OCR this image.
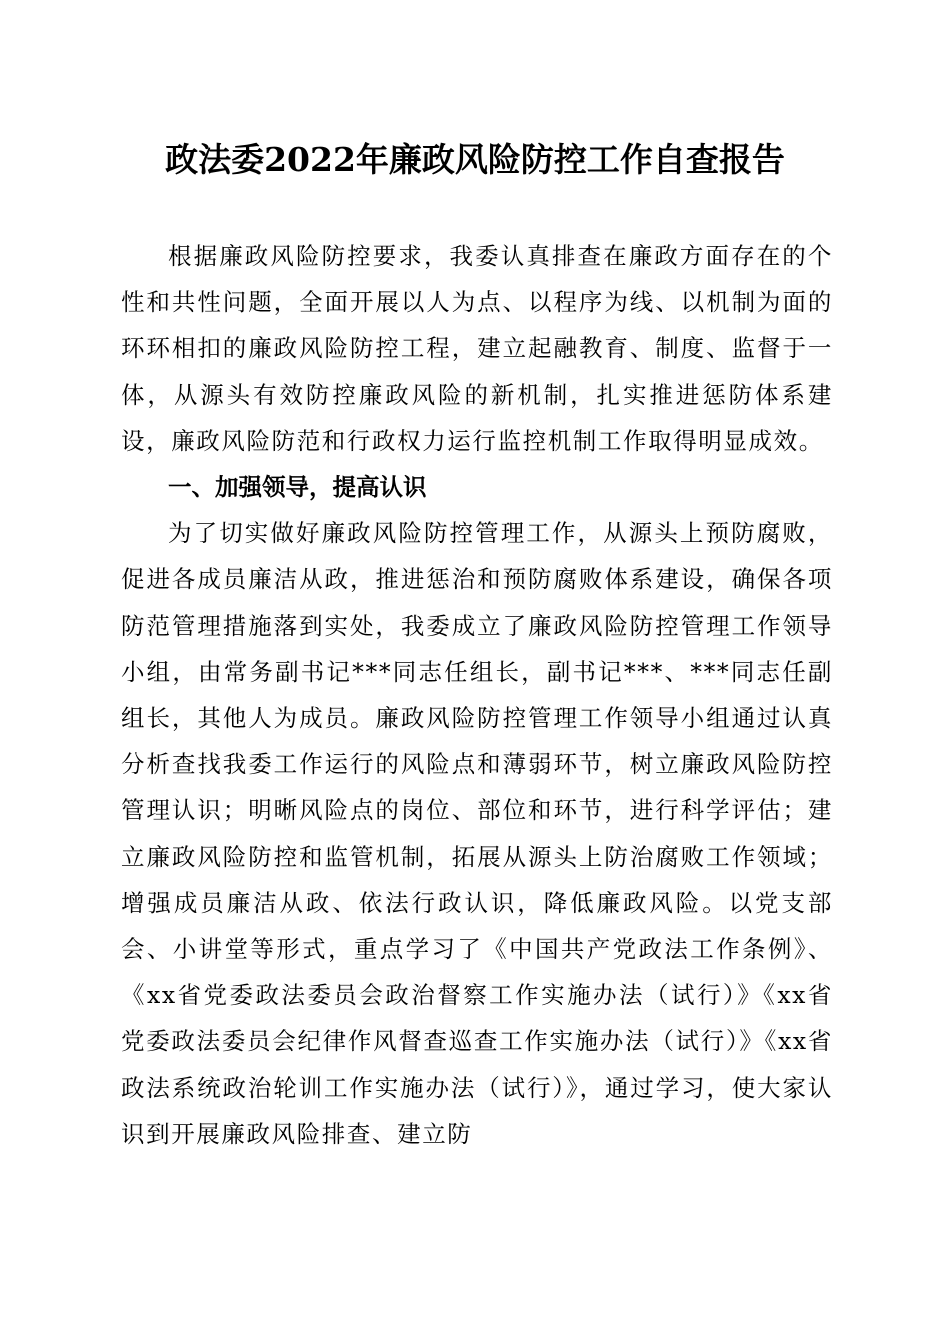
政法委2022年廉政风险防控工作自查报告

根据廉政风险防控要求，我委认真排查在廉政方面存在的个性和共性问题，全面开展以人为点、以程序为线、以机制为面的环环相扣的廉政风险防控工程，建立起融教育、制度、监督于一体，从源头有效防控廉政风险的新机制，扎实推进惩防体系建设，廉政风险防范和行政权力运行监控机制工作取得明显成效。

一、加强领导，提高认识

为了切实做好廉政风险防控管理工作，从源头上预防腐败，促进各成员廉洁从政，推进惩治和预防腐败体系建设，确保各项防范管理措施落到实处，我委成立了廉政风险防控管理工作领导小组，由常务副书记***同志任组长，副书记***、***同志任副组长，其他人为成员。廉政风险防控管理工作领导小组通过认真分析查找我委工作运行的风险点和薄弱环节，树立廉政风险防控管理认识；明晰风险点的岗位、部位和环节，进行科学评估；建立廉政风险防控和监管机制，拓展从源头上防治腐败工作领域；增强成员廉洁从政、依法行政认识，降低廉政风险。以党支部会、小讲堂等形式，重点学习了《中国共产党政法工作条例》、《xx省党委政法委员会政治督察工作实施办法（试行）》《xx省党委政法委员会纪律作风督查巡查工作实施办法（试行）》《xx省政法系统政治轮训工作实施办法（试行）》，通过学习，使大家认识到开展廉政风险排查、建立防
